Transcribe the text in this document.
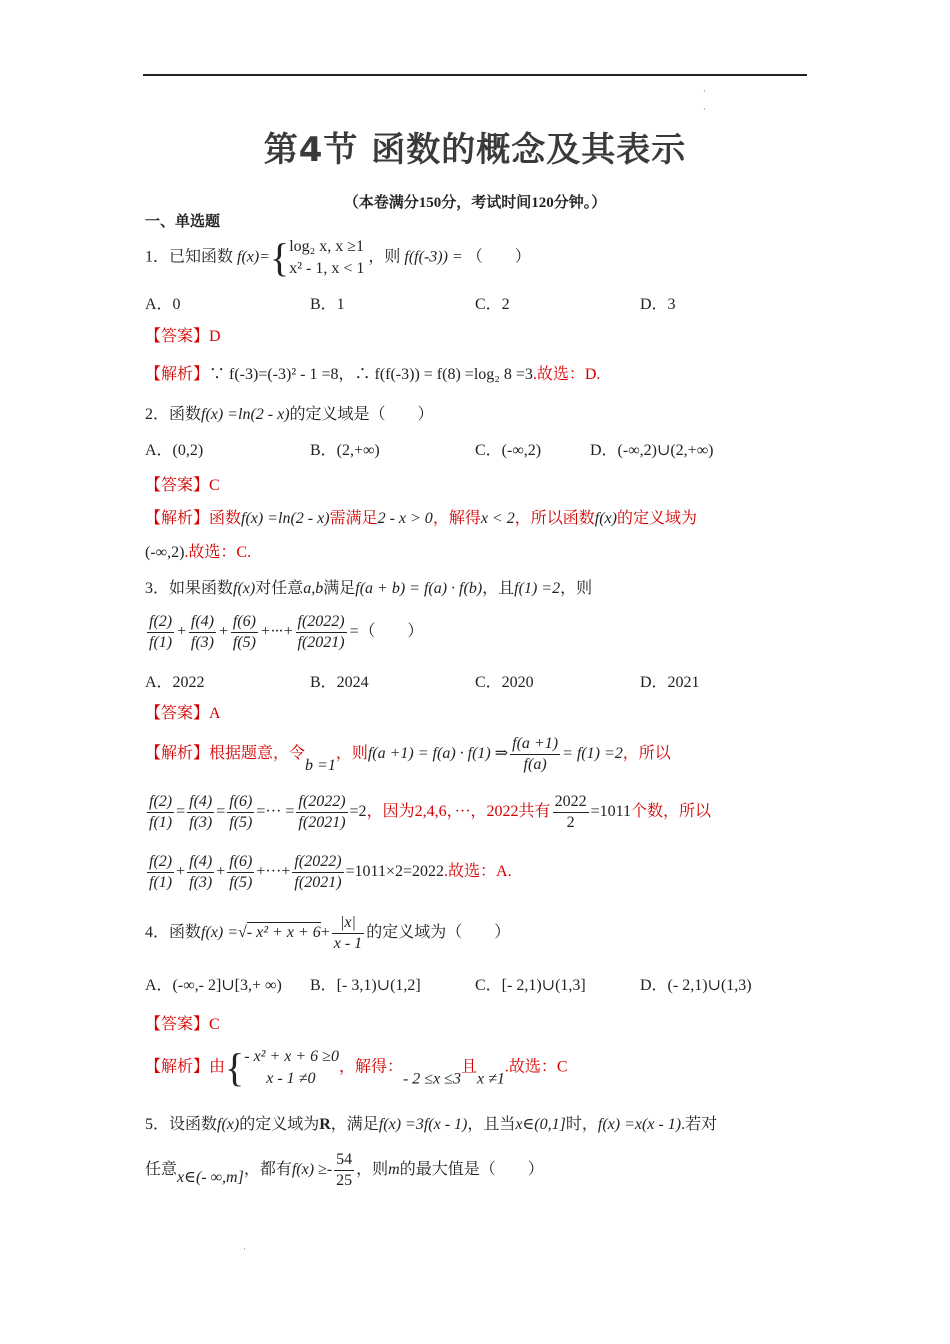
·
·
·
第4节 函数的概念及其表示
（本卷满分150分，考试时间120分钟。）
一、单选题
1．已知函数 f(x)={ log₂ x, x ≥1
x² - 1, x < 1
，则 f(f(-3)) = （　　）
A．0	B．1	C．2	D．3
【答案】D
【解析】∵ f(-3)=(-3)² - 1 =8，∴ f(f(-3)) = f(8) =log₂ 8 =3.故选：D.
2．函数f(x) =ln(2 - x)的定义域是（　　）
A．(0,2)	B．(2,+∞)	C．(-∞,2)	D．(-∞,2)∪(2,+∞)
【答案】C
【解析】函数f(x) =ln(2 - x)需满足2 - x > 0，解得x < 2，所以函数f(x)的定义域为
(-∞,2).故选：C.
3．如果函数f(x)对任意a,b满足f(a + b) = f(a) · f(b)，且f(1) =2，则
$\frac{f(2)}{f(1)} + \frac{f(4)}{f(3)} + \frac{f(6)}{f(5)}$ +···+ $\frac{f(2022)}{f(2021)}$ =（　　）
A．2022	B．2024	C．2020	D．2021
【答案】A
【解析】根据题意，令b =1，则f(a +1) = f(a) · f(1) ⇒ $\frac{f(a +1)}{f(a)} = f(1) =2$，所以
$\frac{f(2)}{f(1)} = \frac{f(4)}{f(3)} = \frac{f(6)}{f(5)}$ =··· = $\frac{f(2022)}{f(2021)} =2$，因为2,4,6，···，2022共有 $\frac{2022}{2} =1011$个数，所以
$\frac{f(2)}{f(1)} + \frac{f(4)}{f(3)} + \frac{f(6)}{f(5)}$ +···+ $\frac{f(2022)}{f(2021)} =1011\times 2=2022$.故选：A.
4．函数f(x) =√- $x^2 + x + 6+ \frac{|x|}{x - 1}$ 的定义域为（　　）
A．(-∞,- 2]∪[3,+ ∞) B．[- 3,1)∪(1,2]	C．[- 2,1)∪(1,3]	D．(- 2,1)∪(1,3)
【答案】C
【解析】由{ - x² + x + 6 ≥0
x - 1 ≠0
，解得：- 2 ≤x ≤3且x ≠1.故选：C
5．设函数f(x)的定义域为R，满足f(x) =3f(x - 1)，且当x∈(0,1]时，f(x) =x(x - 1).若对
任意x∈(- ∞,m]，都有$f(x) \ge- \frac{54}{25}$ ，则m的最大值是（　　）
